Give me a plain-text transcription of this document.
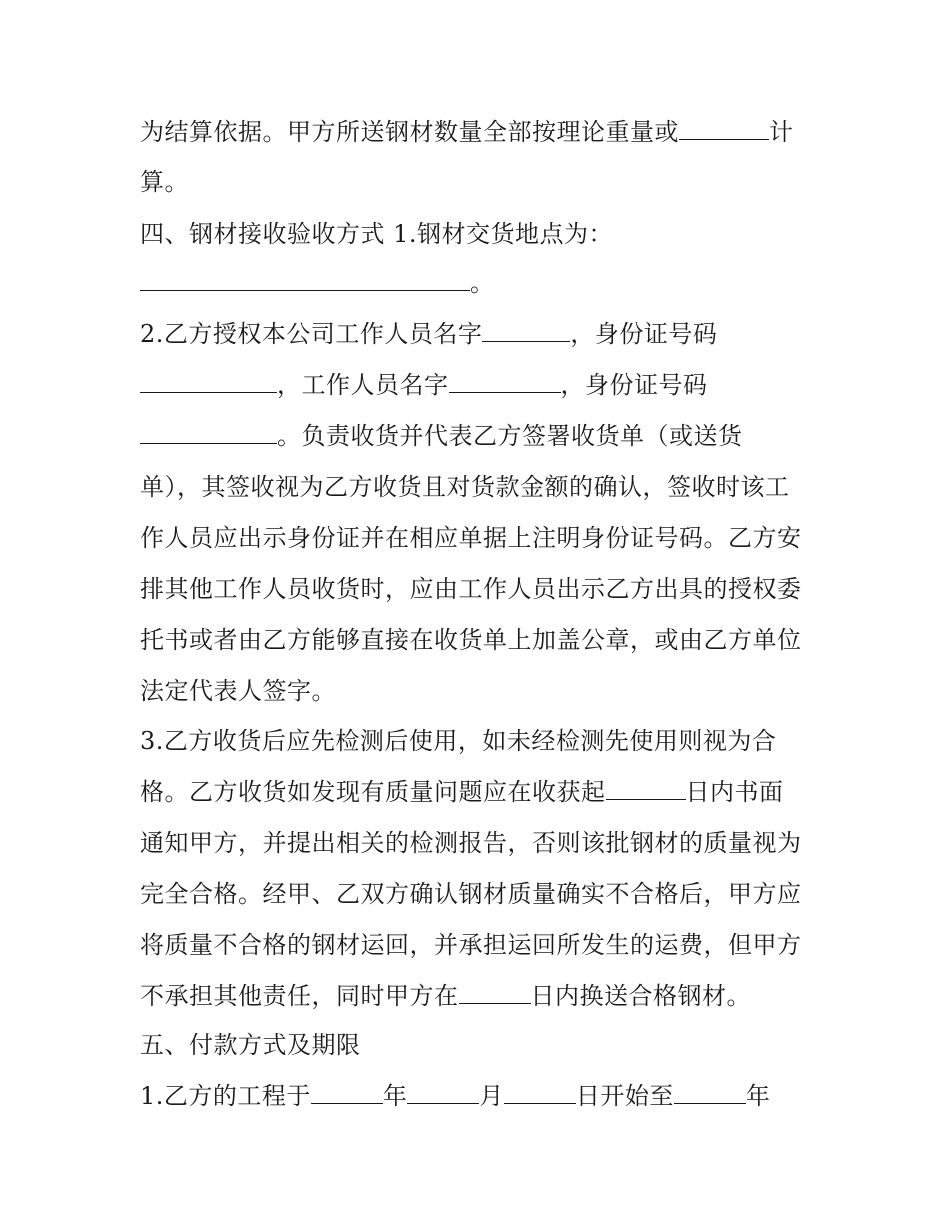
为结算依据。甲方所送钢材数量全部按理论重量或	计
算。
四、钢材接收验收方式 1.钢材交货地点为：
。
2.乙方授权本公司工作人员名字	，身份证号码
，工作人员名字	，身份证号码
。负责收货并代表乙方签署收货单（或送货
单），其签收视为乙方收货且对货款金额的确认，签收时该工
作人员应出示身份证并在相应单据上注明身份证号码。乙方安
排其他工作人员收货时，应由工作人员出示乙方出具的授权委
托书或者由乙方能够直接在收货单上加盖公章，或由乙方单位
法定代表人签字。
3.乙方收货后应先检测后使用，如未经检测先使用则视为合
格。乙方收货如发现有质量问题应在收获起	日内书面
通知甲方，并提出相关的检测报告，否则该批钢材的质量视为
完全合格。经甲、乙双方确认钢材质量确实不合格后，甲方应
将质量不合格的钢材运回，并承担运回所发生的运费，但甲方
不承担其他责任，同时甲方在	日内换送合格钢材。
五、付款方式及期限
1.乙方的工程于	年	月	日开始至	年
